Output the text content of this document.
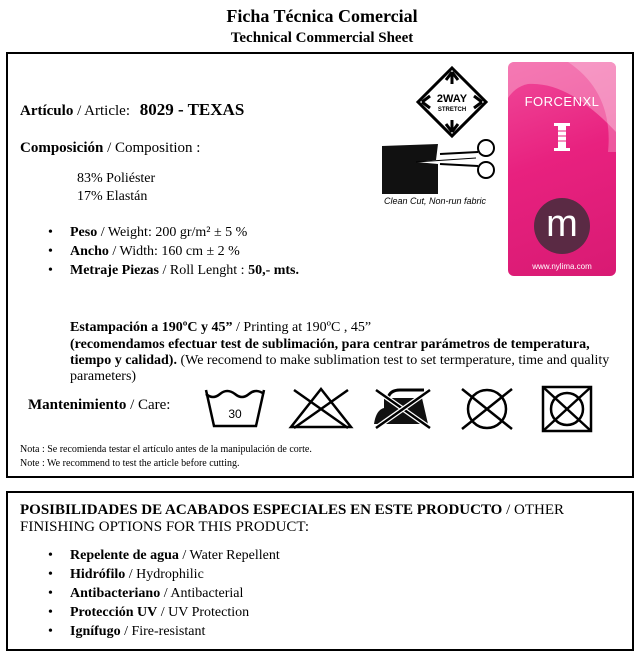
Ficha Técnica Comercial
Technical Commercial Sheet
Artículo / Article: 8029 - TEXAS
Composición / Composition :
83% Poliéster
17% Elastán
• Peso / Weight: 200 gr/m² ± 5 %
• Ancho / Width: 160 cm ± 2 %
• Metraje Piezas / Roll Lenght : 50,- mts.
2WAY
STRETCH
Clean Cut, Non-run fabric
FORCENXL
m
www.nylima.com
Estampación a 190ºC y 45” / Printing at 190ºC , 45”
(recomendamos efectuar test de sublimación, para centrar parámetros de temperatura,
tiempo y calidad). (We recomend to make sublimation test to set termperature, time and quality
parameters)
Mantenimiento / Care:
30
Nota : Se recomienda testar el artículo antes de la manipulación de corte.
Note : We recommend to test the article before cutting.
POSIBILIDADES DE ACABADOS ESPECIALES EN ESTE PRODUCTO / OTHER
FINISHING OPTIONS FOR THIS PRODUCT:
• Repelente de agua / Water Repellent
• Hidrófilo / Hydrophilic
• Antibacteriano / Antibacterial
• Protección UV / UV Protection
• Ignífugo / Fire-resistant
